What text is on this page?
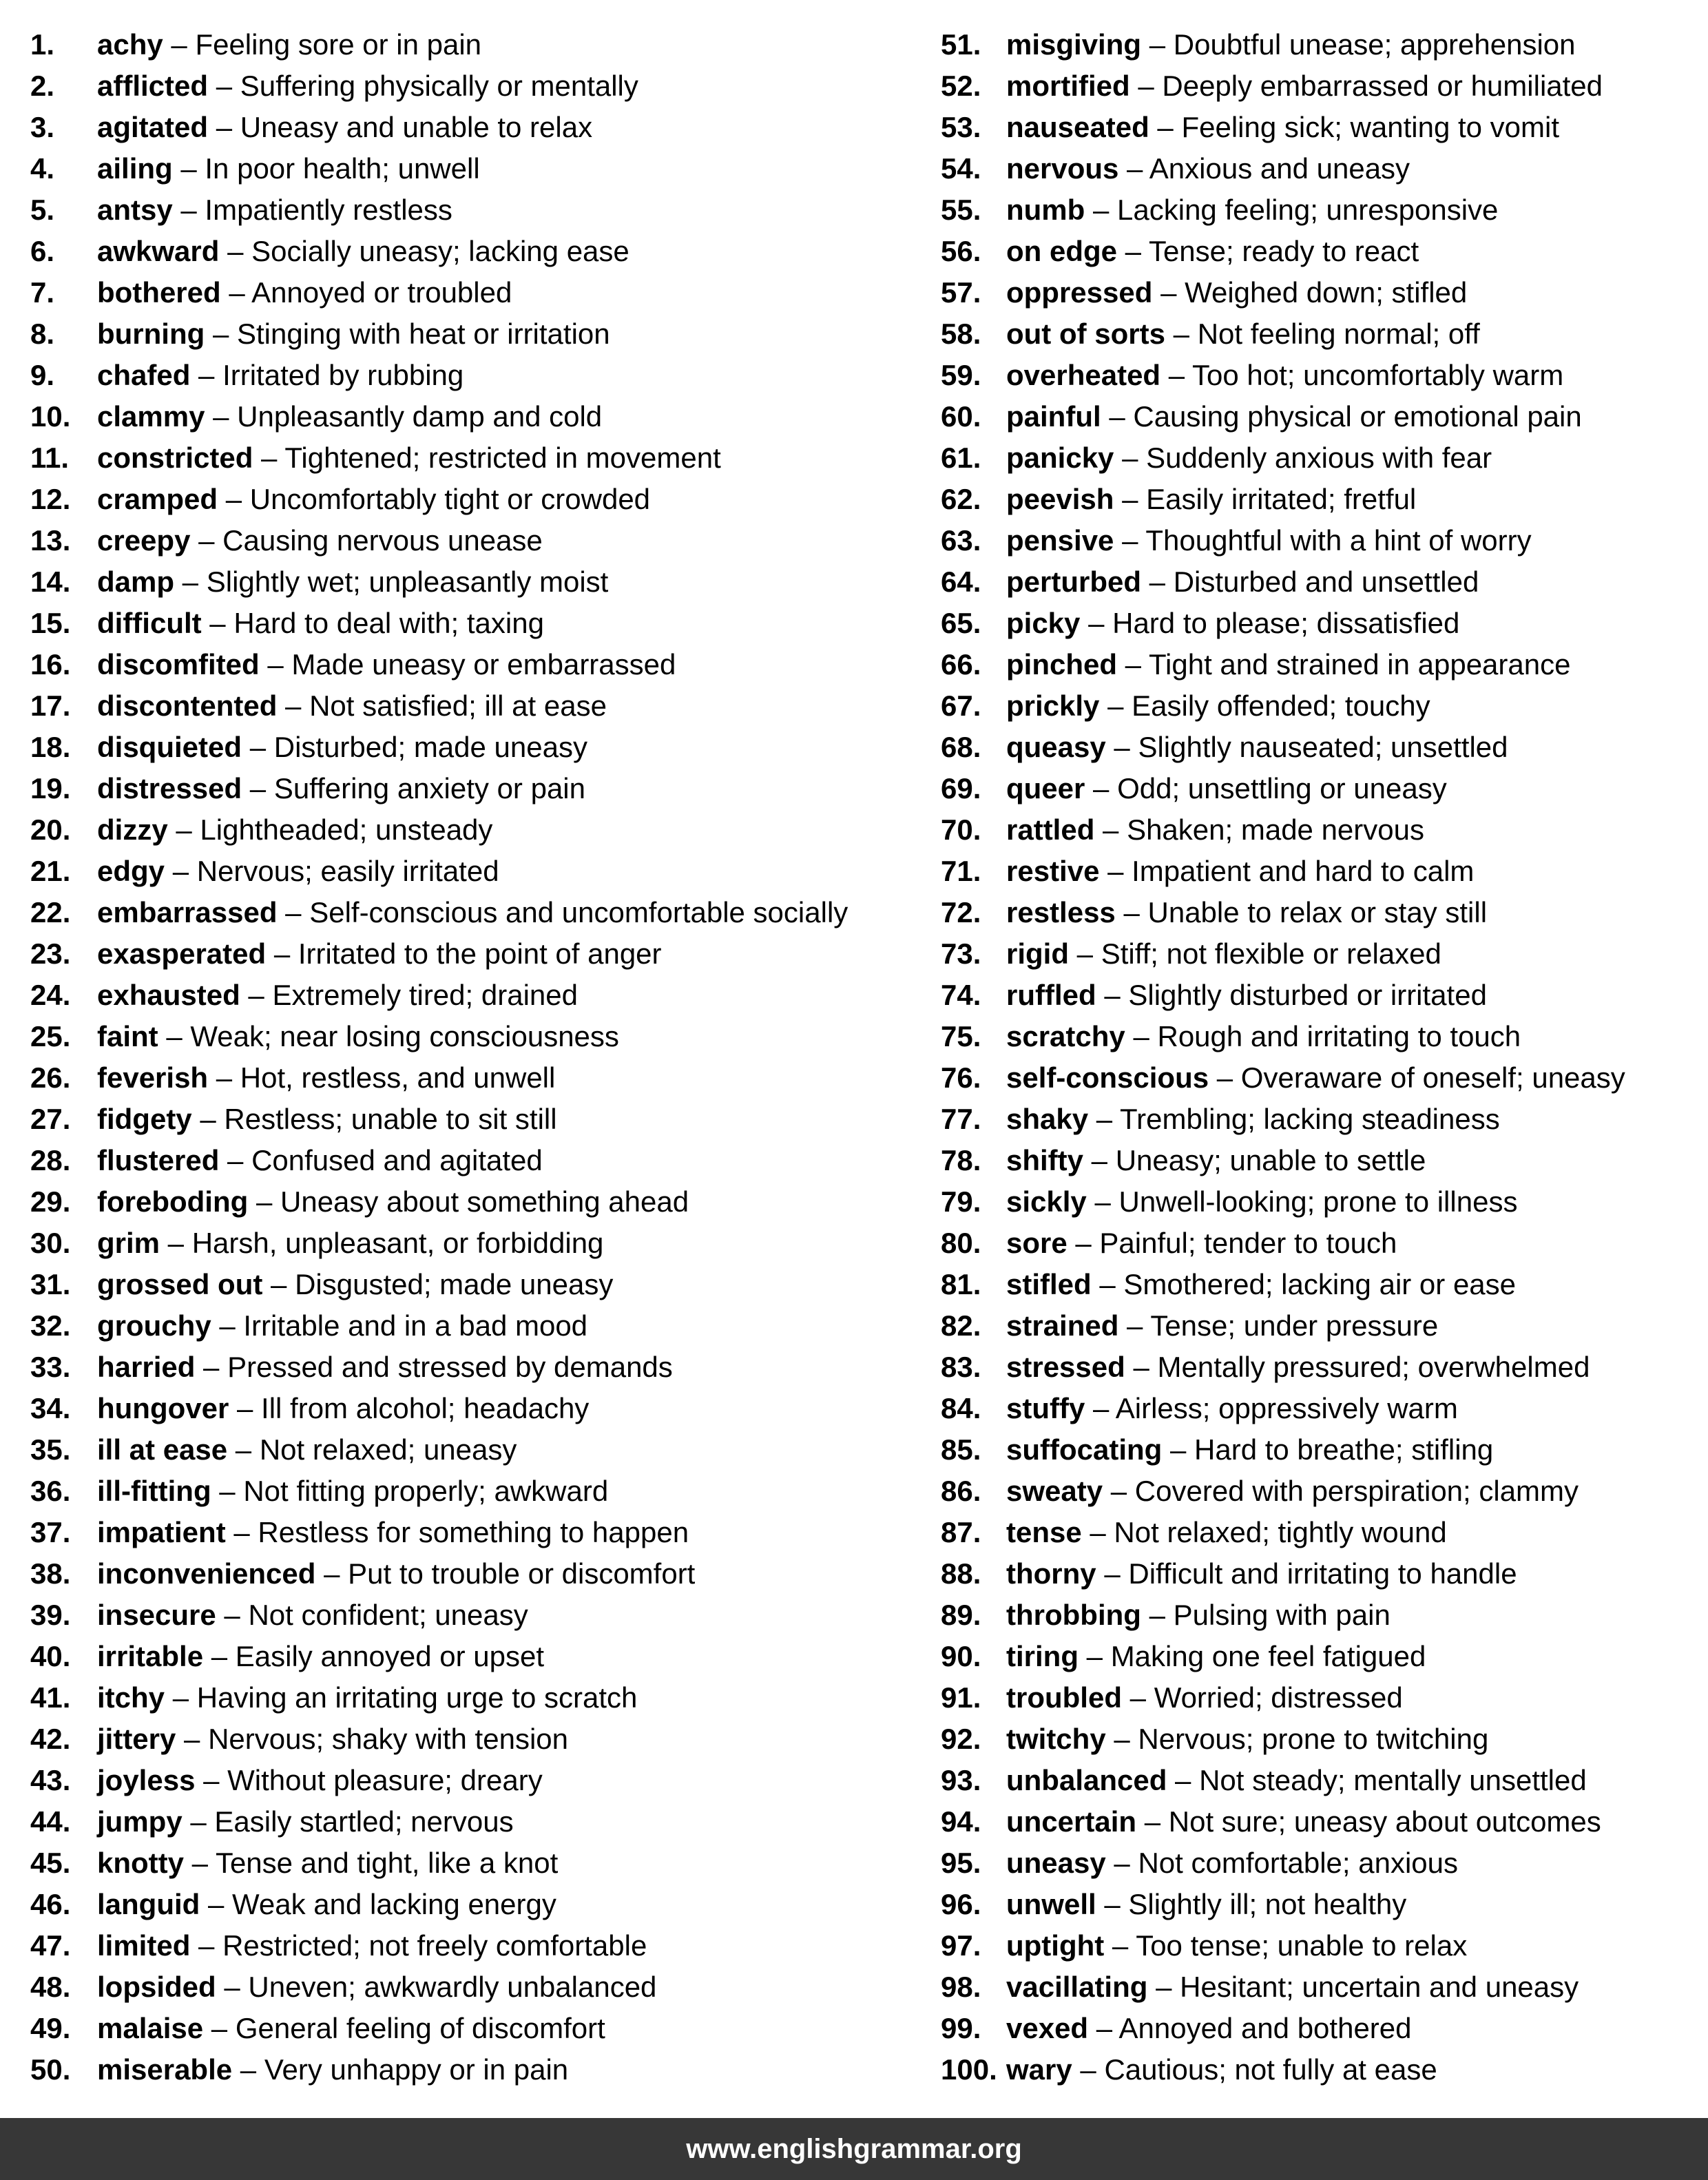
1.	achy – Feeling sore or in pain
2.	afflicted – Suffering physically or mentally
3.	agitated – Uneasy and unable to relax
4.	ailing – In poor health; unwell
5.	antsy – Impatiently restless
6.	awkward – Socially uneasy; lacking ease
7.	bothered – Annoyed or troubled
8.	burning – Stinging with heat or irritation
9.	chafed – Irritated by rubbing
10. clammy – Unpleasantly damp and cold
11. constricted – Tightened; restricted in movement
12. cramped – Uncomfortably tight or crowded
13. creepy – Causing nervous unease
14. damp – Slightly wet; unpleasantly moist
15. difficult – Hard to deal with; taxing
16. discomfited – Made uneasy or embarrassed
17. discontented – Not satisfied; ill at ease
18. disquieted – Disturbed; made uneasy
19. distressed – Suffering anxiety or pain
20. dizzy – Lightheaded; unsteady
21. edgy – Nervous; easily irritated
22. embarrassed – Self-conscious and uncomfortable socially
23. exasperated – Irritated to the point of anger
24. exhausted – Extremely tired; drained
25. faint – Weak; near losing consciousness
26. feverish – Hot, restless, and unwell
27. fidgety – Restless; unable to sit still
28. flustered – Confused and agitated
29. foreboding – Uneasy about something ahead
30. grim – Harsh, unpleasant, or forbidding
31. grossed out – Disgusted; made uneasy
32. grouchy – Irritable and in a bad mood
33. harried – Pressed and stressed by demands
34. hungover – Ill from alcohol; headachy
35. ill at ease – Not relaxed; uneasy
36. ill-fitting – Not fitting properly; awkward
37. impatient – Restless for something to happen
38. inconvenienced – Put to trouble or discomfort
39. insecure – Not confident; uneasy
40. irritable – Easily annoyed or upset
41. itchy – Having an irritating urge to scratch
42. jittery – Nervous; shaky with tension
43. joyless – Without pleasure; dreary
44. jumpy – Easily startled; nervous
45. knotty – Tense and tight, like a knot
46. languid – Weak and lacking energy
47. limited – Restricted; not freely comfortable
48. lopsided – Uneven; awkwardly unbalanced
49. malaise – General feeling of discomfort
50. miserable – Very unhappy or in pain
51. misgiving – Doubtful unease; apprehension
52. mortified – Deeply embarrassed or humiliated
53. nauseated – Feeling sick; wanting to vomit
54. nervous – Anxious and uneasy
55. numb – Lacking feeling; unresponsive
56. on edge – Tense; ready to react
57. oppressed – Weighed down; stifled
58. out of sorts – Not feeling normal; off
59. overheated – Too hot; uncomfortably warm
60. painful – Causing physical or emotional pain
61. panicky – Suddenly anxious with fear
62. peevish – Easily irritated; fretful
63. pensive – Thoughtful with a hint of worry
64. perturbed – Disturbed and unsettled
65. picky – Hard to please; dissatisfied
66. pinched – Tight and strained in appearance
67. prickly – Easily offended; touchy
68. queasy – Slightly nauseated; unsettled
69. queer – Odd; unsettling or uneasy
70. rattled – Shaken; made nervous
71. restive – Impatient and hard to calm
72. restless – Unable to relax or stay still
73. rigid – Stiff; not flexible or relaxed
74. ruffled – Slightly disturbed or irritated
75. scratchy – Rough and irritating to touch
76. self-conscious – Overaware of oneself; uneasy
77. shaky – Trembling; lacking steadiness
78. shifty – Uneasy; unable to settle
79. sickly – Unwell-looking; prone to illness
80. sore – Painful; tender to touch
81. stifled – Smothered; lacking air or ease
82. strained – Tense; under pressure
83. stressed – Mentally pressured; overwhelmed
84. stuffy – Airless; oppressively warm
85. suffocating – Hard to breathe; stifling
86. sweaty – Covered with perspiration; clammy
87. tense – Not relaxed; tightly wound
88. thorny – Difficult and irritating to handle
89. throbbing – Pulsing with pain
90. tiring – Making one feel fatigued
91. troubled – Worried; distressed
92. twitchy – Nervous; prone to twitching
93. unbalanced – Not steady; mentally unsettled
94. uncertain – Not sure; uneasy about outcomes
95. uneasy – Not comfortable; anxious
96. unwell – Slightly ill; not healthy
97. uptight – Too tense; unable to relax
98. vacillating – Hesitant; uncertain and uneasy
99. vexed – Annoyed and bothered
100. wary – Cautious; not fully at ease
www.englishgrammar.org
